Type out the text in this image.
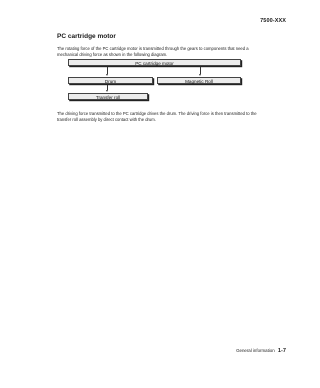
7500-XXX
PC cartridge motor

The rotating force of the PC cartridge motor is transmitted through the gears to components that need a mechanical driving force as shown in the following diagram.

PC cartridge motor
Drum	Magnetic Roll
Transfer roll

The driving force transmitted to the PC cartridge drives the drum. The driving force is then transmitted to the transfer roll assembly by direct contact with the drum.

General information 1-7
